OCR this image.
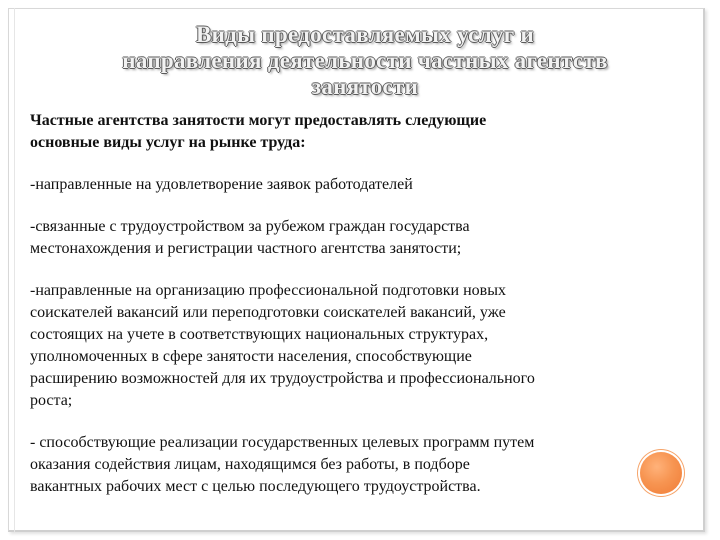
Виды предоставляемых услуг и
направления деятельности частных агентств
занятости

Частные агентства занятости могут предоставлять следующие
основные виды услуг на рынке труда:

-направленные на удовлетворение заявок работодателей

-связанные с трудоустройством за рубежом граждан государства
местонахождения и регистрации частного агентства занятости;

-направленные на организацию профессиональной подготовки новых
соискателей вакансий или переподготовки соискателей вакансий, уже
состоящих на учете в соответствующих национальных структурах,
уполномоченных в сфере занятости населения, способствующие
расширению возможностей для их трудоустройства и профессионального
роста;

- способствующие реализации государственных целевых программ путем
оказания содействия лицам, находящимся без работы, в подборе
вакантных рабочих мест с целью последующего трудоустройства.
